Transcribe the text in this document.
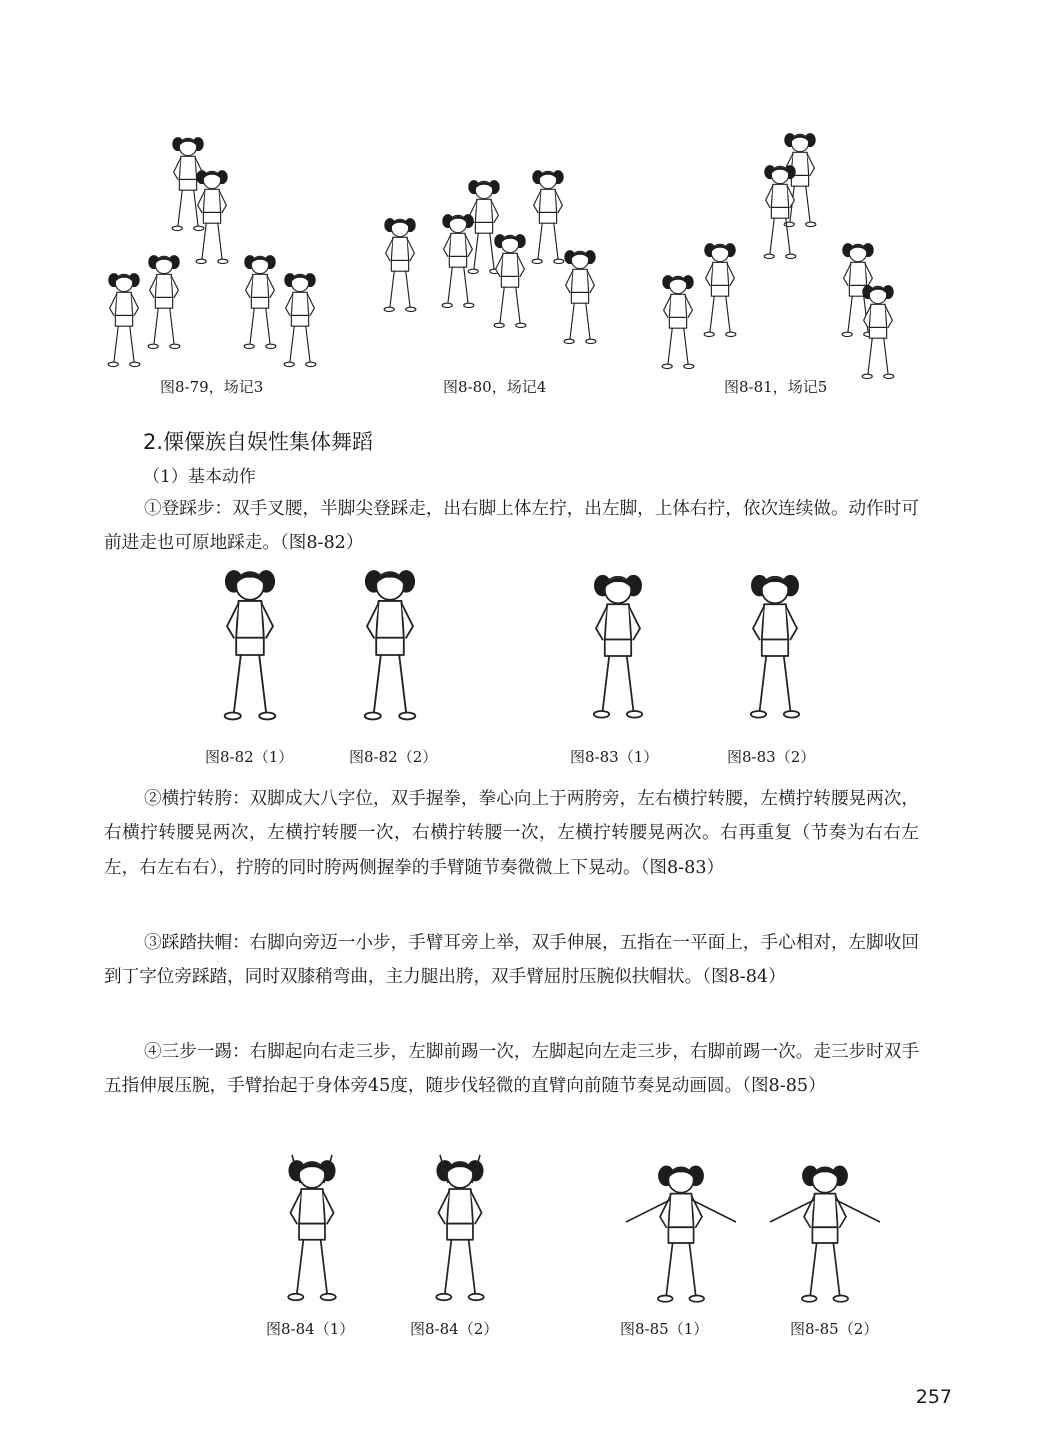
图8-79，场记3	图8-80，场记4	图8-81，场记5
2.傈僳族自娱性集体舞蹈
（1）基本动作
①登踩步：双手叉腰，半脚尖登踩走，出右脚上体左拧，出左脚，上体右拧，依次连续做。动作时可前进走也可原地踩走。（图8-82）
图8-82（1）	图8-82（2）	图8-83（1）	图8-83（2）
②横拧转胯：双脚成大八字位，双手握拳，拳心向上于两胯旁，左右横拧转腰，左横拧转腰晃两次，右横拧转腰晃两次，左横拧转腰一次，右横拧转腰一次，左横拧转腰晃两次。右再重复（节奏为右右左左，右左右右），拧胯的同时胯两侧握拳的手臂随节奏微微上下晃动。（图8-83）
③踩踏扶帽：右脚向旁迈一小步，手臂耳旁上举，双手伸展，五指在一平面上，手心相对，左脚收回到丁字位旁踩踏，同时双膝稍弯曲，主力腿出胯，双手臂屈肘压腕似扶帽状。（图8-84）
④三步一踢：右脚起向右走三步，左脚前踢一次，左脚起向左走三步，右脚前踢一次。走三步时双手五指伸展压腕，手臂抬起于身体旁45度，随步伐轻微的直臂向前随节奏晃动画圆。（图8-85）
图8-84（1）	图8-84（2）	图8-85（1）	图8-85（2）
257
